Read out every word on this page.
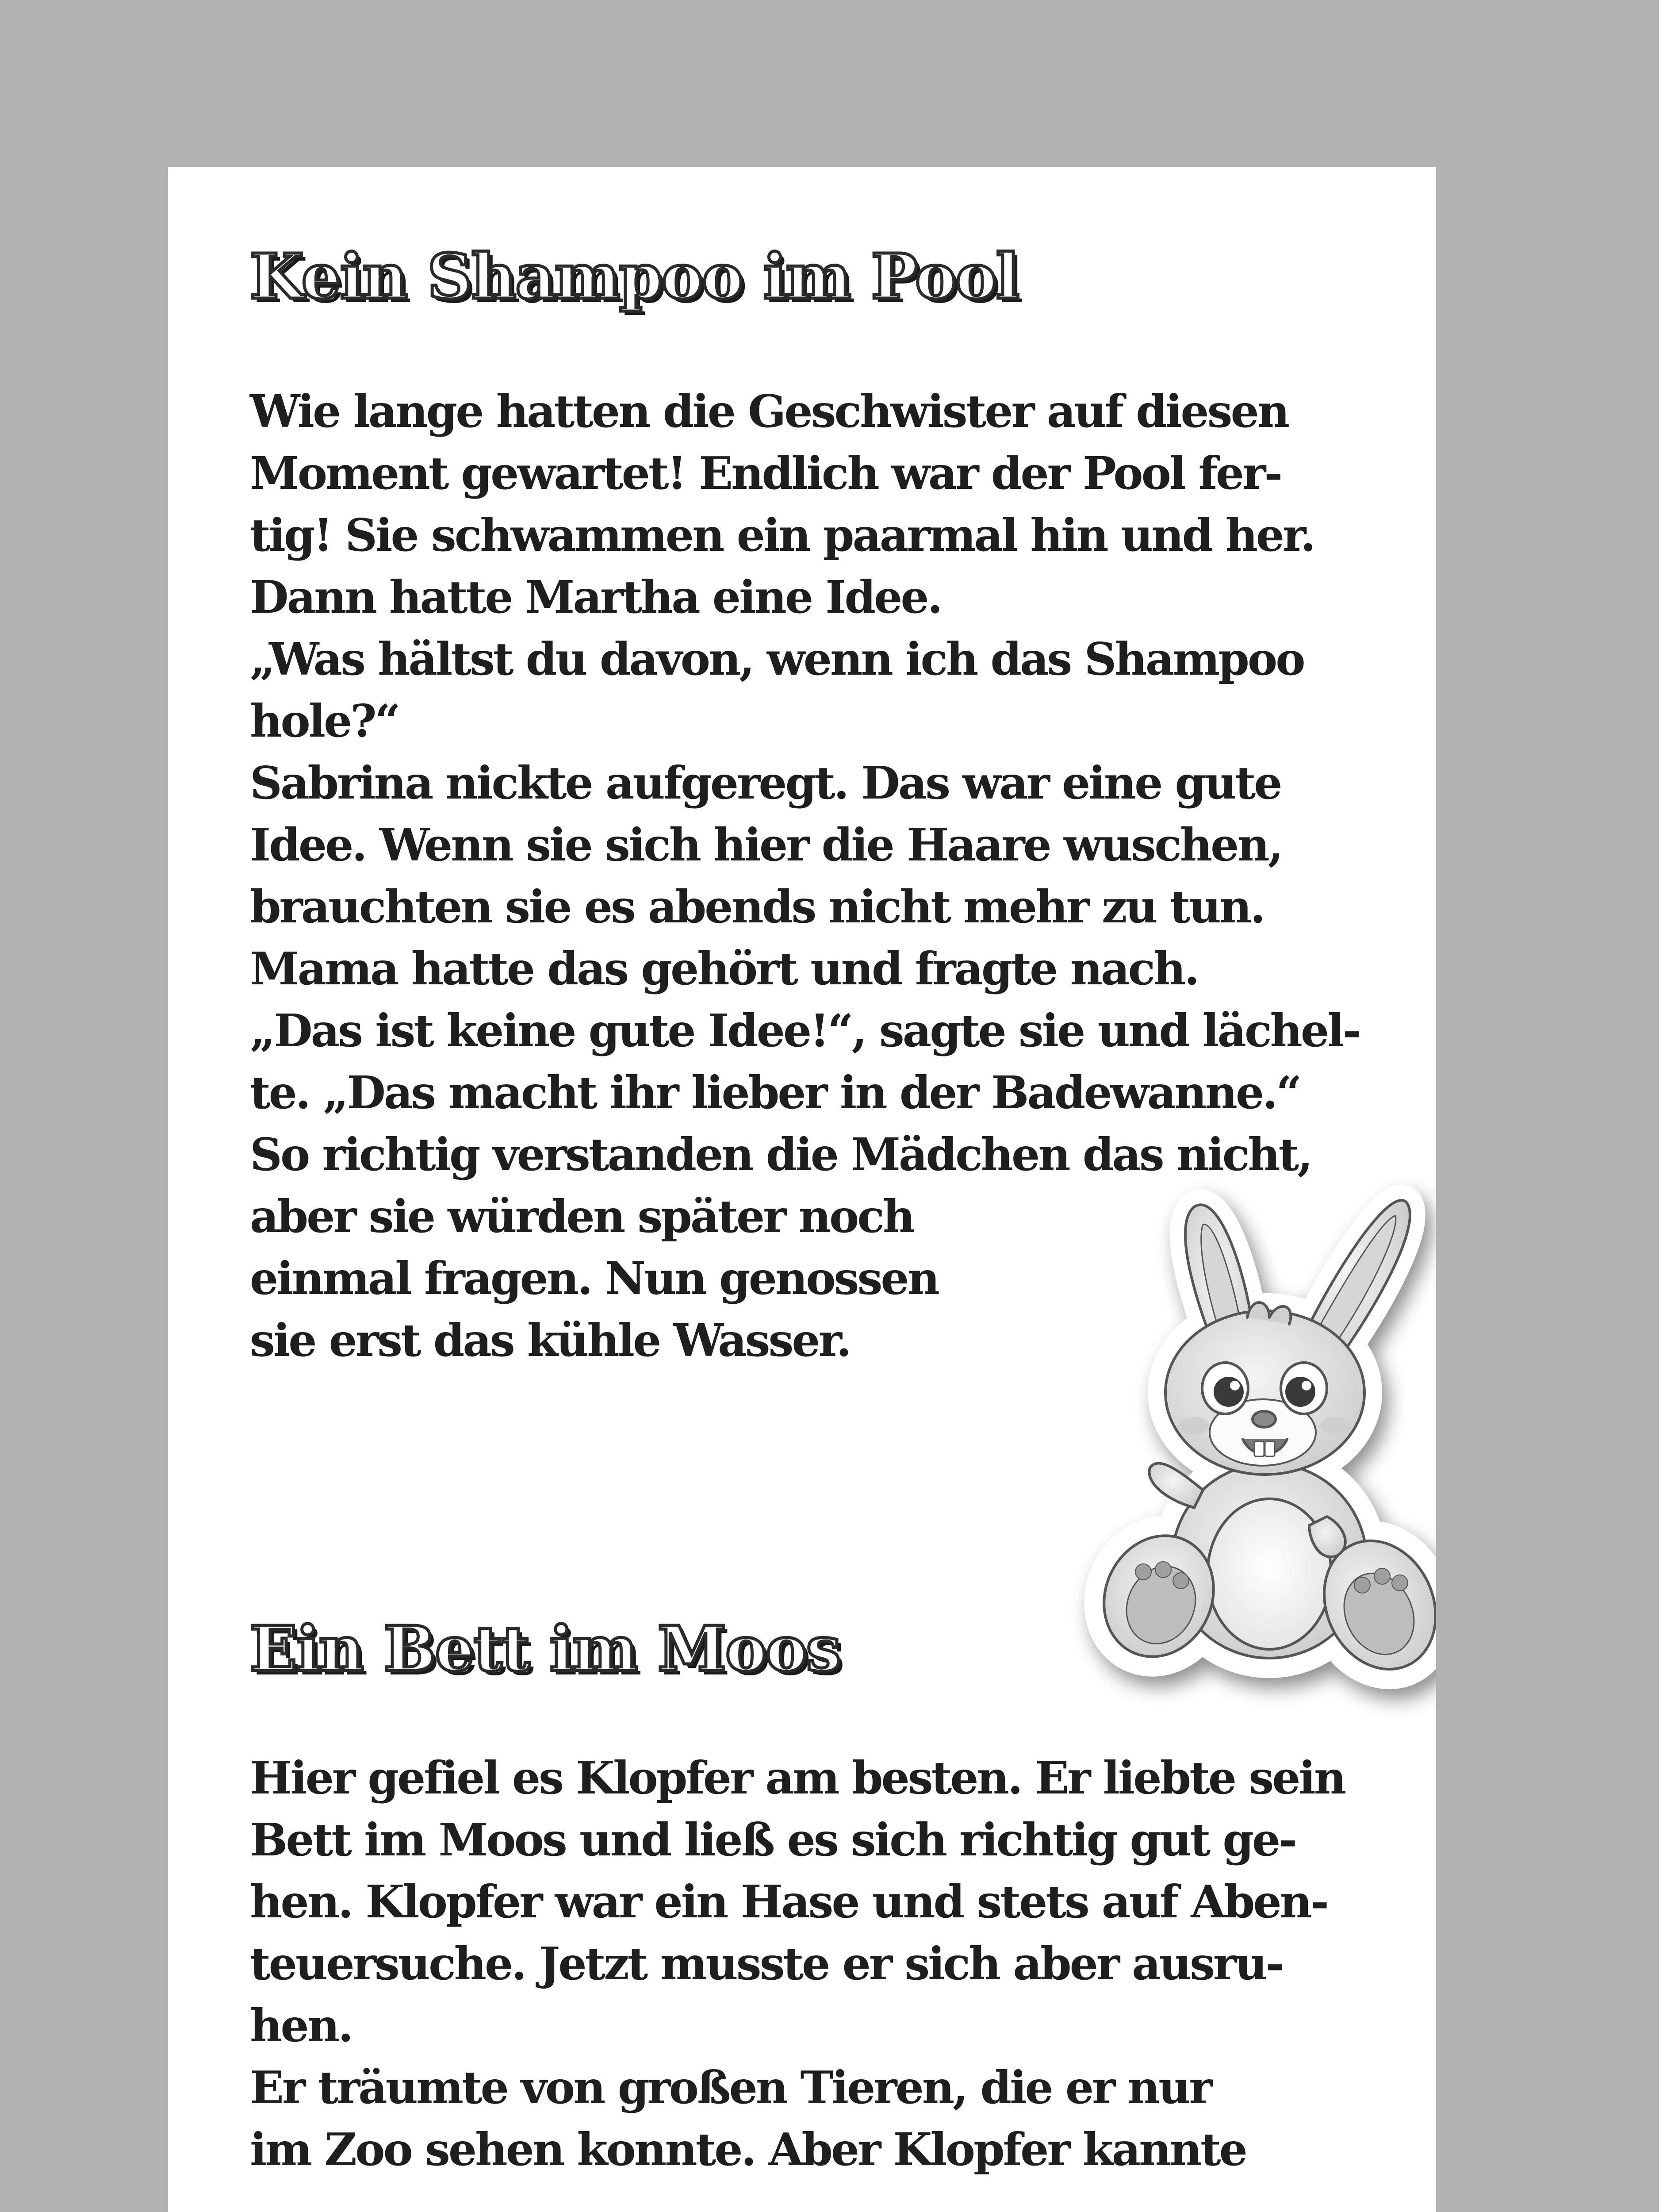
Kein Shampoo im Pool

Wie lange hatten die Geschwister auf diesen
Moment gewartet! Endlich war der Pool fer-
tig! Sie schwammen ein paarmal hin und her.
Dann hatte Martha eine Idee.
„Was hältst du davon, wenn ich das Shampoo
hole?“
Sabrina nickte aufgeregt. Das war eine gute
Idee. Wenn sie sich hier die Haare wuschen,
brauchten sie es abends nicht mehr zu tun.
Mama hatte das gehört und fragte nach.
„Das ist keine gute Idee!“, sagte sie und lächel-
te. „Das macht ihr lieber in der Badewanne.“
So richtig verstanden die Mädchen das nicht,
aber sie würden später noch
einmal fragen. Nun genossen
sie erst das kühle Wasser.

Ein Bett im Moos

Hier gefiel es Klopfer am besten. Er liebte sein
Bett im Moos und ließ es sich richtig gut ge-
hen. Klopfer war ein Hase und stets auf Aben-
teuersuche. Jetzt musste er sich aber ausru-
hen.
Er träumte von großen Tieren, die er nur
im Zoo sehen konnte. Aber Klopfer kannte
